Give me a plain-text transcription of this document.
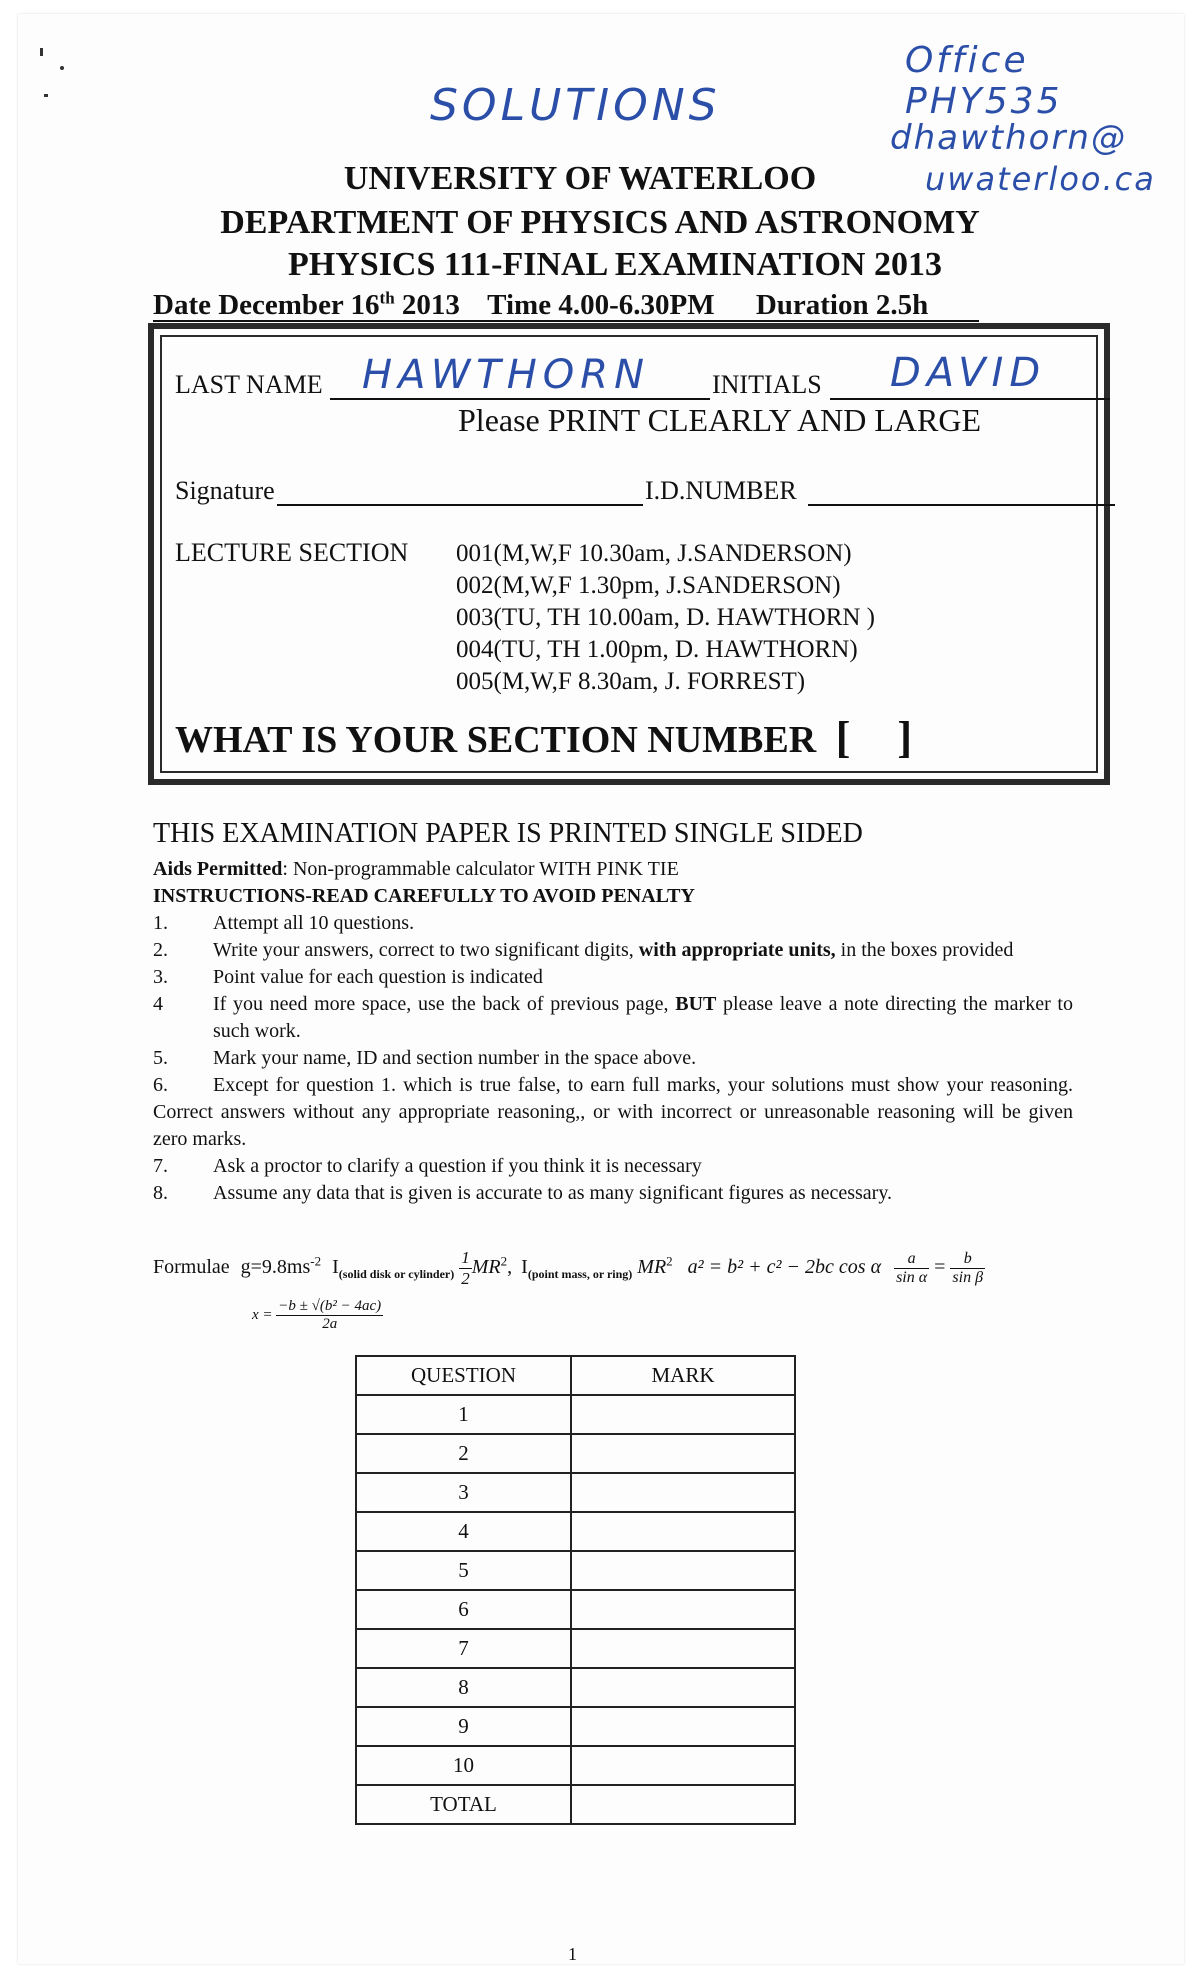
SOLUTIONS
Office PHY535
dhawthorn@
uwaterloo.ca
UNIVERSITY OF WATERLOO
DEPARTMENT OF PHYSICS AND ASTRONOMY
PHYSICS 111-FINAL EXAMINATION 2013
Date December 16th 2013 Time 4.00-6.30PM Duration 2.5h
LAST NAME HAWTHORN INITIALS DAVID
Please PRINT CLEARLY AND LARGE
Signature	I.D.NUMBER
LECTURE SECTION 001(M,W,F 10.30am, J.SANDERSON)
002(M,W,F 1.30pm, J.SANDERSON)
003(TU, TH 10.00am, D. HAWTHORN )
004(TU, TH 1.00pm, D. HAWTHORN)
005(M,W,F 8.30am, J. FORREST)
WHAT IS YOUR SECTION NUMBER [ ]
THIS EXAMINATION PAPER IS PRINTED SINGLE SIDED
Aids Permitted: Non-programmable calculator WITH PINK TIE
INSTRUCTIONS-READ CAREFULLY TO AVOID PENALTY
1. Attempt all 10 questions.
2. Write your answers, correct to two significant digits, with appropriate units, in the boxes provided
3. Point value for each question is indicated
4	If you need more space, use the back of previous page, BUT please leave a note directing the marker to such work.
5. Mark your name, ID and section number in the space above.
6. Except for question 1. which is true false, to earn full marks, your solutions must show your reasoning. Correct answers without any appropriate reasoning,, or with incorrect or unreasonable reasoning will be given zero marks.
7. Ask a proctor to clarify a question if you think it is necessary
8. Assume any data that is given is accurate to as many significant figures as necessary.
Formulae $g=9.8ms^{-2}$ $I_{(solid disk or cylinder)} \frac{1}{2} MR^2$, $I_{(point mass, or ring)}$ $MR^2$ a² = b² + c² − 2bc cos α $\frac{a}{\text{sin α}} = \frac{b}{\text{sin β}}$
$x = \frac{\text{−b ± √(b² − 4ac)}}{2a}$
QUESTION	MARK
1	
2	
3	
4	
5	
6	
7	
8	
9	
10	
TOTAL	
1
